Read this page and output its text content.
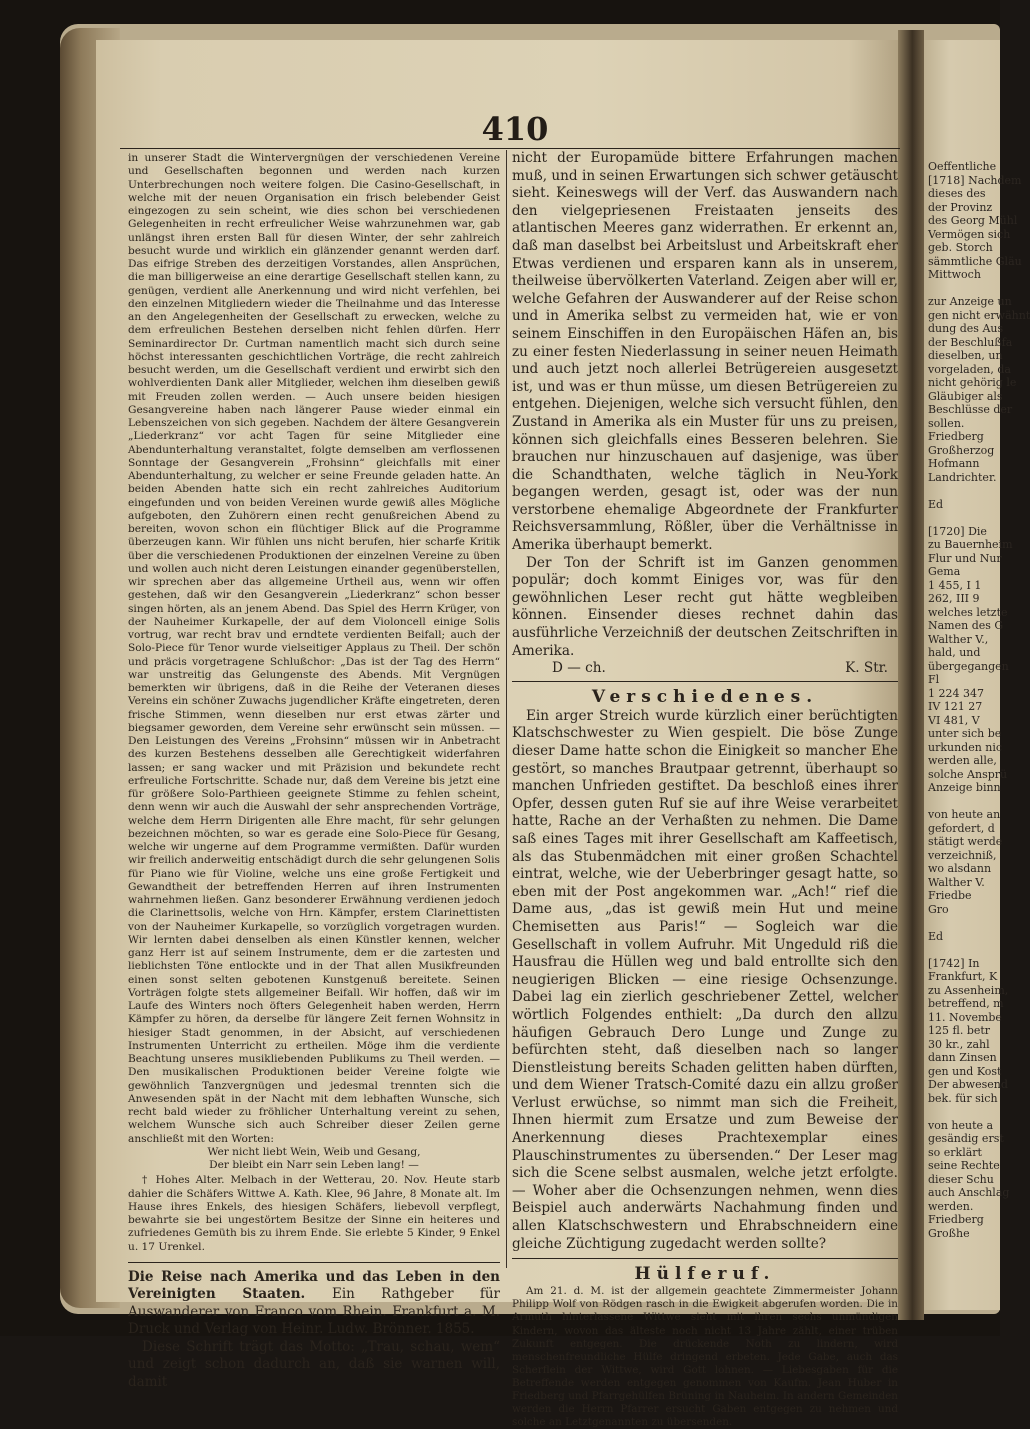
Oeffentliche
[1718] Nachdem
dieses des
der Provinz
des Georg Mühl
Vermögen sich
geb. Storch
sämmtliche Gläu
Mittwoch

zur Anzeige un
gen nicht erwähnt
dung des Aus
der Beschlußfa
dieselben, un
vorgeladen, da
nicht gehörig le
Gläubiger als
Beschlüsse der
sollen.
Friedberg
Großherzog
Hofmann
Landrichter.

Ed

[1720] Die
zu Bauernheim
Flur und Nur
Gema
1 455, I 1
262, III 9
welches letzte
Namen des G
Walther V.,
hald, und
übergegangen
Fl
1 224 347
IV 121 27
VI 481, V
unter sich be
urkunden nic
werden alle,
solche Ansprü
Anzeige binn

von heute an
gefordert, d
stätigt werde
verzeichniß,
wo alsdann
Walther V.
Friedbe
Gro

Ed

[1742] In
Frankfurt, K
zu Assenheim,
betreffend, m
11. Novembe
125 fl. betr
30 kr., zahl
dann Zinsen
gen und Kost
Der abwesend
bek. für sich

von heute a
gesändig erst
so erklärt
seine Rechte
dieser Schu
auch Anschlag
werden.
Friedberg
Großhe
410

in unserer Stadt die Wintervergnügen der verschiedenen Vereine und Gesellschaften begonnen und werden nach kurzen Unterbrechungen noch weitere folgen. Die Casino-Gesellschaft, in welche mit der neuen Organisation ein frisch belebender Geist eingezogen zu sein scheint, wie dies schon bei verschiedenen Gelegenheiten in recht erfreulicher Weise wahrzunehmen war, gab unlängst ihren ersten Ball für diesen Winter, der sehr zahlreich besucht wurde und wirklich ein glänzender genannt werden darf. Das eifrige Streben des derzeitigen Vorstandes, allen Ansprüchen, die man billigerweise an eine derartige Gesellschaft stellen kann, zu genügen, verdient alle Anerkennung und wird nicht verfehlen, bei den einzelnen Mitgliedern wieder die Theilnahme und das Interesse an den Angelegenheiten der Gesellschaft zu erwecken, welche zu dem erfreulichen Bestehen derselben nicht fehlen dürfen. Herr Seminardirector Dr. Curtman namentlich macht sich durch seine höchst interessanten geschichtlichen Vorträge, die recht zahlreich besucht werden, um die Gesellschaft verdient und erwirbt sich den wohlverdienten Dank aller Mitglieder, welchen ihm dieselben gewiß mit Freuden zollen werden. — Auch unsere beiden hiesigen Gesangvereine haben nach längerer Pause wieder einmal ein Lebenszeichen von sich gegeben. Nachdem der ältere Gesangverein „Liederkranz“ vor acht Tagen für seine Mitglieder eine Abendunterhaltung veranstaltet, folgte demselben am verflossenen Sonntage der Gesangverein „Frohsinn“ gleichfalls mit einer Abendunterhaltung, zu welcher er seine Freunde geladen hatte. An beiden Abenden hatte sich ein recht zahlreiches Auditorium eingefunden und von beiden Vereinen wurde gewiß alles Mögliche aufgeboten, den Zuhörern einen recht genußreichen Abend zu bereiten, wovon schon ein flüchtiger Blick auf die Programme überzeugen kann. Wir fühlen uns nicht berufen, hier scharfe Kritik über die verschiedenen Produktionen der einzelnen Vereine zu üben und wollen auch nicht deren Leistungen einander gegenüberstellen, wir sprechen aber das allgemeine Urtheil aus, wenn wir offen gestehen, daß wir den Gesangverein „Liederkranz“ schon besser singen hörten, als an jenem Abend. Das Spiel des Herrn Krüger, von der Nauheimer Kurkapelle, der auf dem Violoncell einige Solis vortrug, war recht brav und erndtete verdienten Beifall; auch der Solo-Piece für Tenor wurde vielseitiger Applaus zu Theil. Der schön und präcis vorgetragene Schlußchor: „Das ist der Tag des Herrn“ war unstreitig das Gelungenste des Abends. Mit Vergnügen bemerkten wir übrigens, daß in die Reihe der Veteranen dieses Vereins ein schöner Zuwachs jugendlicher Kräfte eingetreten, deren frische Stimmen, wenn dieselben nur erst etwas zärter und biegsamer geworden, dem Vereine sehr erwünscht sein müssen. — Den Leistungen des Vereins „Frohsinn“ müssen wir in Anbetracht des kurzen Bestehens desselben alle Gerechtigkeit widerfahren lassen; er sang wacker und mit Präzision und bekundete recht erfreuliche Fortschritte. Schade nur, daß dem Vereine bis jetzt eine für größere Solo-Parthieen geeignete Stimme zu fehlen scheint, denn wenn wir auch die Auswahl der sehr ansprechenden Vorträge, welche dem Herrn Dirigenten alle Ehre macht, für sehr gelungen bezeichnen möchten, so war es gerade eine Solo-Piece für Gesang, welche wir ungerne auf dem Programme vermißten. Dafür wurden wir freilich anderweitig entschädigt durch die sehr gelungenen Solis für Piano wie für Violine, welche uns eine große Fertigkeit und Gewandtheit der betreffenden Herren auf ihren Instrumenten wahrnehmen ließen. Ganz besonderer Erwähnung verdienen jedoch die Clarinettsolis, welche von Hrn. Kämpfer, erstem Clarinettisten von der Nauheimer Kurkapelle, so vorzüglich vorgetragen wurden. Wir lernten dabei denselben als einen Künstler kennen, welcher ganz Herr ist auf seinem Instrumente, dem er die zartesten und lieblichsten Töne entlockte und in der That allen Musikfreunden einen sonst selten gebotenen Kunstgenuß bereitete. Seinen Vorträgen folgte stets allgemeiner Beifall. Wir hoffen, daß wir im Laufe des Winters noch öfters Gelegenheit haben werden, Herrn Kämpfer zu hören, da derselbe für längere Zeit fernen Wohnsitz in hiesiger Stadt genommen, in der Absicht, auf verschiedenen Instrumenten Unterricht zu ertheilen. Möge ihm die verdiente Beachtung unseres musikliebenden Publikums zu Theil werden. — Den musikalischen Produktionen beider Vereine folgte wie gewöhnlich Tanzvergnügen und jedesmal trennten sich die Anwesenden spät in der Nacht mit dem lebhaften Wunsche, sich recht bald wieder zu fröhlicher Unterhaltung vereint zu sehen, welchem Wunsche sich auch Schreiber dieser Zeilen gerne anschließt mit den Worten:

Wer nicht liebt Wein, Weib und Gesang,

Der bleibt ein Narr sein Leben lang! —

† Hohes Alter. Melbach in der Wetterau, 20. Nov. Heute starb dahier die Schäfers Wittwe A. Kath. Klee, 96 Jahre, 8 Monate alt. Im Hause ihres Enkels, des hiesigen Schäfers, liebevoll verpflegt, bewahrte sie bei ungestörtem Besitze der Sinne ein heiteres und zufriedenes Gemüth bis zu ihrem Ende. Sie erlebte 5 Kinder, 9 Enkel u. 17 Urenkel.

Die Reise nach Amerika und das Leben in den Vereinigten Staaten. Ein Rathgeber für Auswanderer von Franco vom Rhein. Frankfurt a. M. Druck und Verlag von Heinr. Ludw. Brönner. 1855.

Diese Schrift trägt das Motto: „Trau, schau, wem“ und zeigt schon dadurch an, daß sie warnen will, damit

nicht der Europamüde bittere Erfahrungen machen muß, und in seinen Erwartungen sich schwer getäuscht sieht. Keineswegs will der Verf. das Auswandern nach den vielgepriesenen Freistaaten jenseits des atlantischen Meeres ganz widerrathen. Er erkennt an, daß man daselbst bei Arbeitslust und Arbeitskraft eher Etwas verdienen und ersparen kann als in unserem, theilweise übervölkerten Vaterland. Zeigen aber will er, welche Gefahren der Auswanderer auf der Reise schon und in Amerika selbst zu vermeiden hat, wie er von seinem Einschiffen in den Europäischen Häfen an, bis zu einer festen Niederlassung in seiner neuen Heimath und auch jetzt noch allerlei Betrügereien ausgesetzt ist, und was er thun müsse, um diesen Betrügereien zu entgehen. Diejenigen, welche sich versucht fühlen, den Zustand in Amerika als ein Muster für uns zu preisen, können sich gleichfalls eines Besseren belehren. Sie brauchen nur hinzuschauen auf dasjenige, was über die Schandthaten, welche täglich in Neu-York begangen werden, gesagt ist, oder was der nun verstorbene ehemalige Abgeordnete der Frankfurter Reichsversammlung, Rößler, über die Verhältnisse in Amerika überhaupt bemerkt.

Der Ton der Schrift ist im Ganzen genommen populär; doch kommt Einiges vor, was für den gewöhnlichen Leser recht gut hätte wegbleiben können. Einsender dieses rechnet dahin das ausführliche Verzeichniß der deutschen Zeitschriften in Amerika.

D — ch.	K. Str.

Verschiedenes.

Ein arger Streich wurde kürzlich einer berüchtigten Klatschschwester zu Wien gespielt. Die böse Zunge dieser Dame hatte schon die Einigkeit so mancher Ehe gestört, so manches Brautpaar getrennt, überhaupt so manchen Unfrieden gestiftet. Da beschloß eines ihrer Opfer, dessen guten Ruf sie auf ihre Weise verarbeitet hatte, Rache an der Verhaßten zu nehmen. Die Dame saß eines Tages mit ihrer Gesellschaft am Kaffeetisch, als das Stubenmädchen mit einer großen Schachtel eintrat, welche, wie der Ueberbringer gesagt hatte, so eben mit der Post angekommen war. „Ach!“ rief die Dame aus, „das ist gewiß mein Hut und meine Chemisetten aus Paris!“ — Sogleich war die Gesellschaft in vollem Aufruhr. Mit Ungeduld riß die Hausfrau die Hüllen weg und bald entrollte sich den neugierigen Blicken — eine riesige Ochsenzunge. Dabei lag ein zierlich geschriebener Zettel, welcher wörtlich Folgendes enthielt: „Da durch den allzu häufigen Gebrauch Dero Lunge und Zunge zu befürchten steht, daß dieselben nach so langer Dienstleistung bereits Schaden gelitten haben dürften, und dem Wiener Tratsch-Comité dazu ein allzu großer Verlust erwüchse, so nimmt man sich die Freiheit, Ihnen hiermit zum Ersatze und zum Beweise der Anerkennung dieses Prachtexemplar eines Plauschinstrumentes zu übersenden.“ Der Leser mag sich die Scene selbst ausmalen, welche jetzt erfolgte. — Woher aber die Ochsenzungen nehmen, wenn dies Beispiel auch anderwärts Nachahmung finden und allen Klatschschwestern und Ehrabschneidern eine gleiche Züchtigung zugedacht werden sollte?

Hülferuf.

Am 21. d. M. ist der allgemein geachtete Zimmermeister Johann Philipp Wolf von Rödgen rasch in die Ewigkeit abgerufen worden. Die in Armuth hinterlassene Wittwe sieht mit ihren sechs unmündigen Kindern, wovon das älteste noch nicht 13 Jahre zählt, einer trüben Zukunft entgegen. Die drückende Noth zu lindern, wird menschenfreundliche Hülfe dringend erbeten. Jede Gabe, auch das Scherflein der Wittwe, wird Gott lohnen. — Liebesgaben für die Betreffende werden entgegen genommen von Kaufm. Jean Huber in Friedberg und Pfarrgehülfen Brüning in Nauheim. In andern Gemeinden werden die Herrn Pfarrer ersucht Gaben entgegen zu nehmen und solche an Letztgenannten zu übersenden.
